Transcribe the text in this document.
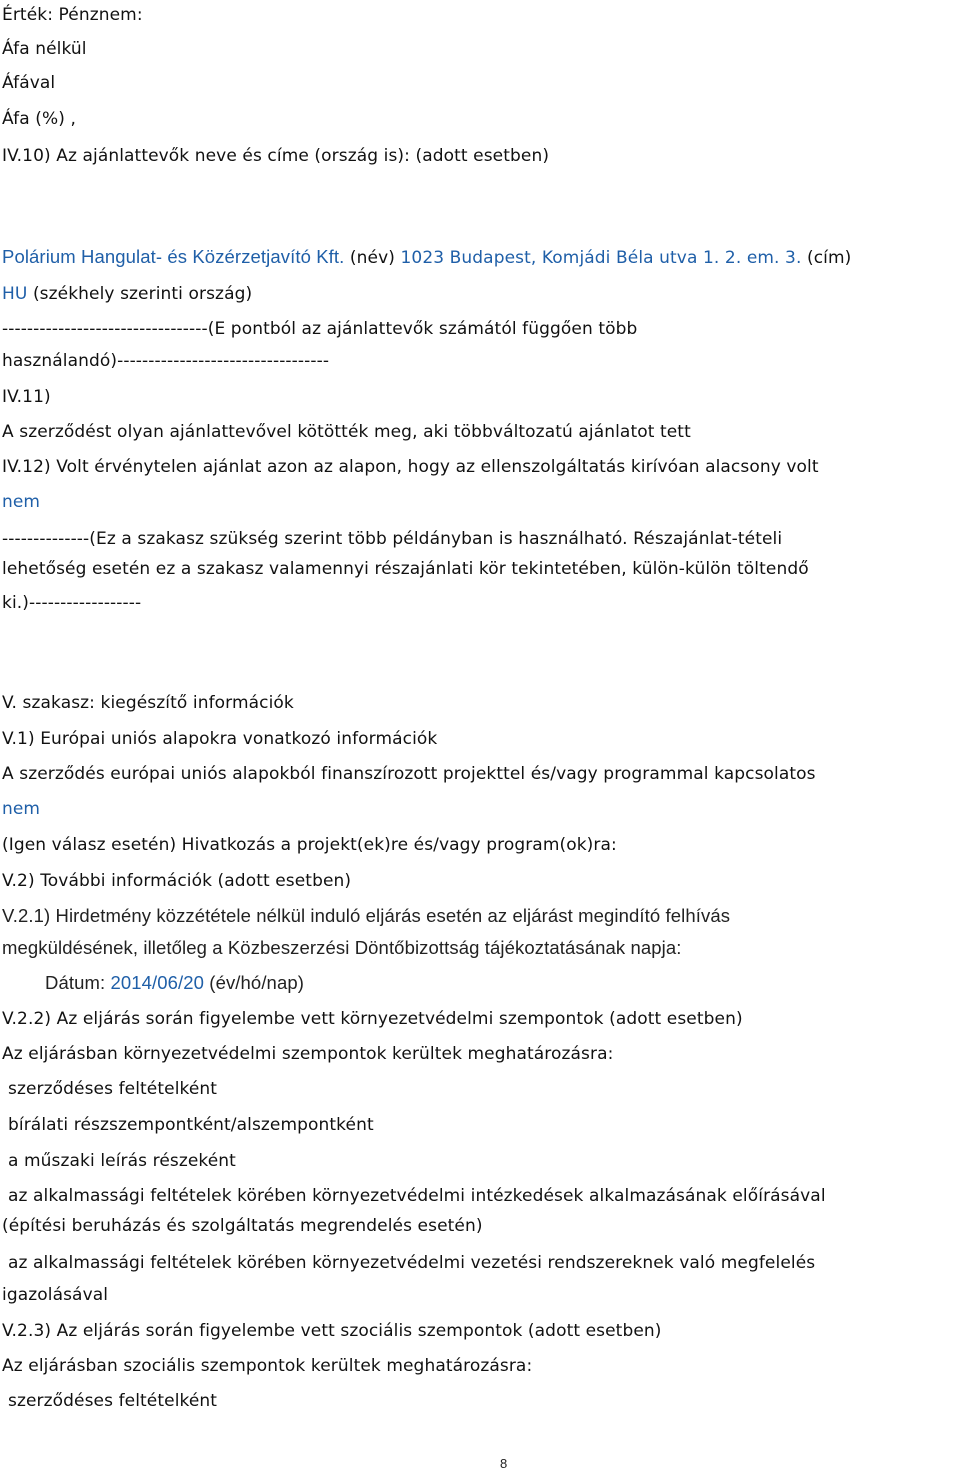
Érték: Pénznem:
Áfa nélkül
Áfával
Áfa (%) ,
IV.10) Az ajánlattevők neve és címe (ország is): (adott esetben)
Polárium Hangulat- és Közérzetjavító Kft. (név) 1023 Budapest, Komjádi Béla utva 1. 2. em. 3. (cím)
HU (székhely szerinti ország)
---------------------------------(E pontból az ajánlattevők számától függően több
használandó)----------------------------------
IV.11)
A szerződést olyan ajánlattevővel kötötték meg, aki többváltozatú ajánlatot tett
IV.12) Volt érvénytelen ajánlat azon az alapon, hogy az ellenszolgáltatás kirívóan alacsony volt
nem
--------------(Ez a szakasz szükség szerint több példányban is használható. Részajánlat-tételi
lehetőség esetén ez a szakasz valamennyi részajánlati kör tekintetében, külön-külön töltendő
ki.)------------------
V. szakasz: kiegészítő információk
V.1) Európai uniós alapokra vonatkozó információk
A szerződés európai uniós alapokból finanszírozott projekttel és/vagy programmal kapcsolatos
nem
(Igen válasz esetén) Hivatkozás a projekt(ek)re és/vagy program(ok)ra:
V.2) További információk (adott esetben)
V.2.1) Hirdetmény közzététele nélkül induló eljárás esetén az eljárást megindító felhívás
megküldésének, illetőleg a Közbeszerzési Döntőbizottság tájékoztatásának napja:
Dátum: 2014/06/20 (év/hó/nap)
V.2.2) Az eljárás során figyelembe vett környezetvédelmi szempontok (adott esetben)
Az eljárásban környezetvédelmi szempontok kerültek meghatározásra:
szerződéses feltételként
bírálati részszempontként/alszempontként
a műszaki leírás részeként
az alkalmassági feltételek körében környezetvédelmi intézkedések alkalmazásának előírásával
(építési beruházás és szolgáltatás megrendelés esetén)
az alkalmassági feltételek körében környezetvédelmi vezetési rendszereknek való megfelelés
igazolásával
V.2.3) Az eljárás során figyelembe vett szociális szempontok (adott esetben)
Az eljárásban szociális szempontok kerültek meghatározásra:
szerződéses feltételként
8
